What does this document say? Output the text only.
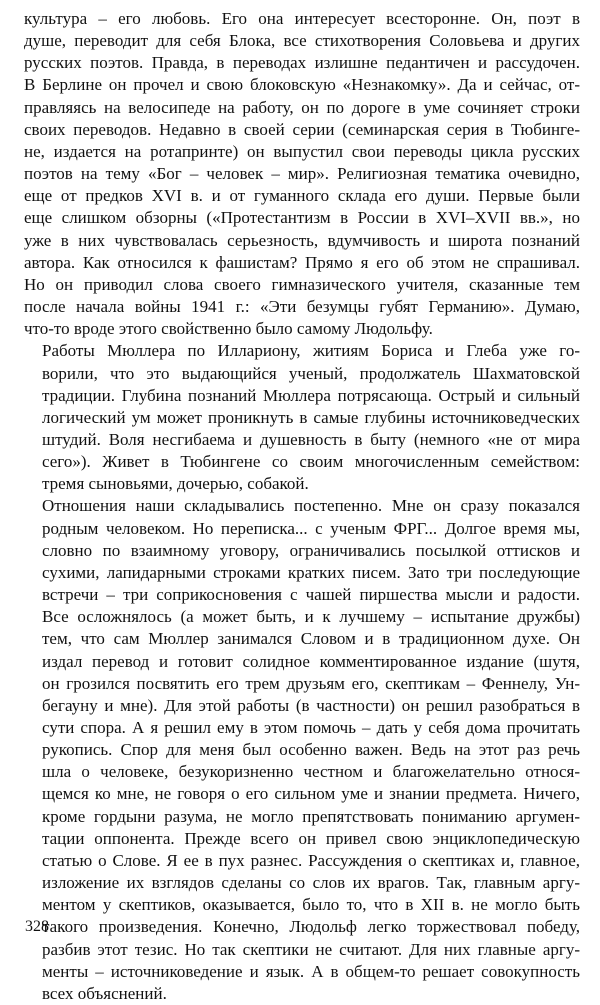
культура – его любовь. Его она интересует всесторонне. Он, поэт в
душе, переводит для себя Блока, все стихотворения Соловьева и других
русских поэтов. Правда, в переводах излишне педантичен и рассудочен.
В Берлине он прочел и свою блоковскую «Незнакомку». Да и сейчас, от-
правляясь на велосипеде на работу, он по дороге в уме сочиняет строки
своих переводов. Недавно в своей серии (семинарская серия в Тюбинге-
не, издается на ротапринте) он выпустил свои переводы цикла русских
поэтов на тему «Бог – человек – мир». Религиозная тематика очевидно,
еще от предков XVI в. и от гуманного склада его души. Первые были
еще слишком обзорны («Протестантизм в России в XVI–XVII вв.», но
уже в них чувствовалась серьезность, вдумчивость и широта познаний
автора. Как относился к фашистам? Прямо я его об этом не спрашивал.
Но он приводил слова своего гимназического учителя, сказанные тем
после начала войны 1941 г.: «Эти безумцы губят Германию». Думаю,
что-то вроде этого свойственно было самому Людольфу.
Работы Мюллера по Иллариону, житиям Бориса и Глеба уже го-
ворили, что это выдающийся ученый, продолжатель Шахматовской
традиции. Глубина познаний Мюллера потрясающа. Острый и сильный
логический ум может проникнуть в самые глубины источниковедческих
штудий. Воля несгибаема и душевность в быту (немного «не от мира
сего»). Живет в Тюбингене со своим многочисленным семейством:
тремя сыновьями, дочерью, собакой.
Отношения наши складывались постепенно. Мне он сразу показался
родным человеком. Но переписка... с ученым ФРГ... Долгое время мы,
словно по взаимному уговору, ограничивались посылкой оттисков и
сухими, лапидарными строками кратких писем. Зато три последующие
встречи – три соприкосновения с чашей пиршества мысли и радости.
Все осложнялось (а может быть, и к лучшему – испытание дружбы)
тем, что сам Мюллер занимался Словом и в традиционном духе. Он
издал перевод и готовит солидное комментированное издание (шутя,
он грозился посвятить его трем друзьям его, скептикам – Феннелу, Ун-
бегауну и мне). Для этой работы (в частности) он решил разобраться в
сути спора. А я решил ему в этом помочь – дать у себя дома прочитать
рукопись. Спор для меня был особенно важен. Ведь на этот раз речь
шла о человеке, безукоризненно честном и благожелательно относя-
щемся ко мне, не говоря о его сильном уме и знании предмета. Ничего,
кроме гордыни разума, не могло препятствовать пониманию аргумен-
тации оппонента. Прежде всего он привел свою энциклопедическую
статью о Слове. Я ее в пух разнес. Рассуждения о скептиках и, главное,
изложение их взглядов сделаны со слов их врагов. Так, главным аргу-
ментом у скептиков, оказывается, было то, что в XII в. не могло быть
такого произведения. Конечно, Людольф легко торжествовал победу,
разбив этот тезис. Но так скептики не считают. Для них главные аргу-
менты – источниковедение и язык. А в общем-то решает совокупность
всех объяснений.
328
